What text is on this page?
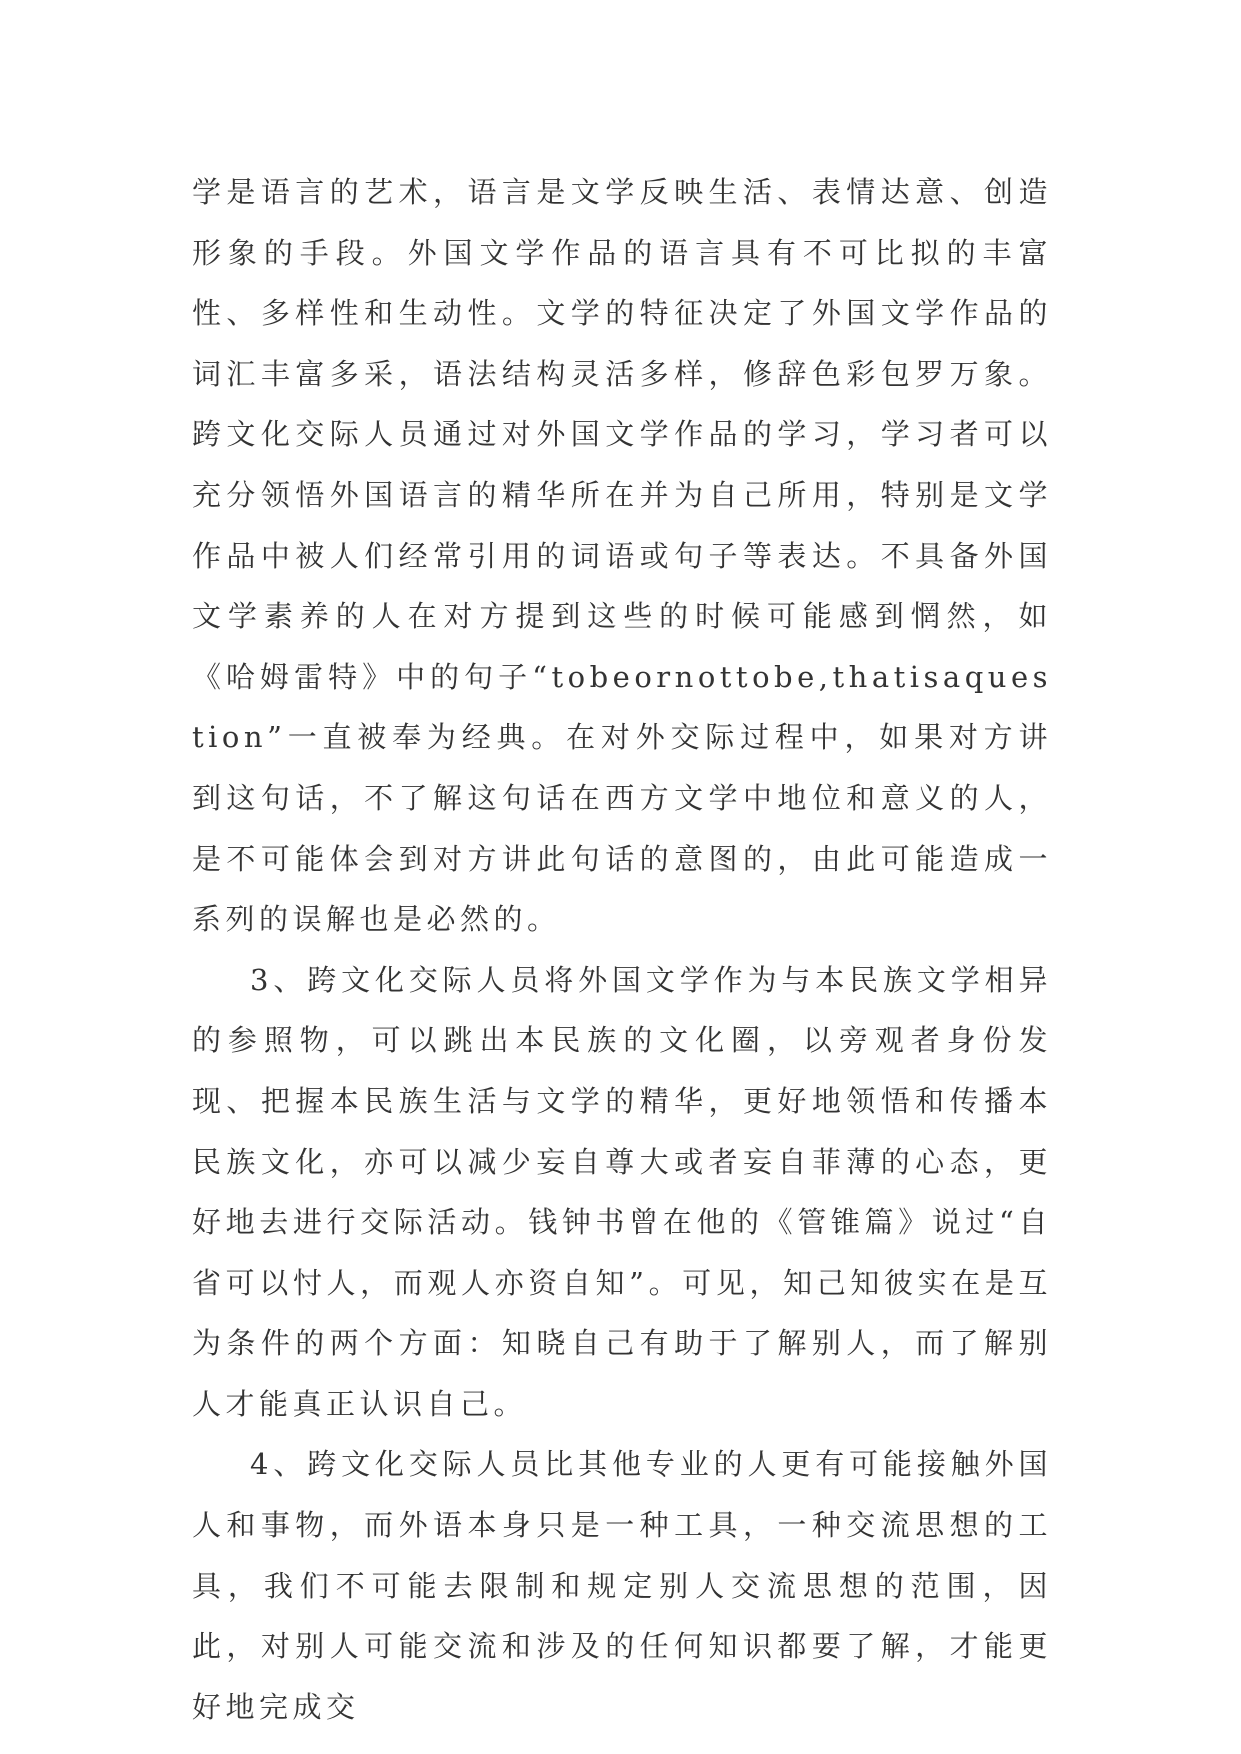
学是语言的艺术，语言是文学反映生活、表情达意、创造形象的手段。外国文学作品的语言具有不可比拟的丰富性、多样性和生动性。文学的特征决定了外国文学作品的词汇丰富多采，语法结构灵活多样，修辞色彩包罗万象。跨文化交际人员通过对外国文学作品的学习，学习者可以充分领悟外国语言的精华所在并为自己所用，特别是文学作品中被人们经常引用的词语或句子等表达。不具备外国文学素养的人在对方提到这些的时候可能感到惘然，如《哈姆雷特》中的句子“tobeornottobe,thatisaquestion”一直被奉为经典。在对外交际过程中，如果对方讲到这句话，不了解这句话在西方文学中地位和意义的人，是不可能体会到对方讲此句话的意图的，由此可能造成一系列的误解也是必然的。

3、跨文化交际人员将外国文学作为与本民族文学相异的参照物，可以跳出本民族的文化圈，以旁观者身份发现、把握本民族生活与文学的精华，更好地领悟和传播本民族文化，亦可以减少妄自尊大或者妄自菲薄的心态，更好地去进行交际活动。钱钟书曾在他的《管锥篇》说过“自省可以忖人，而观人亦资自知”。可见，知己知彼实在是互为条件的两个方面：知晓自己有助于了解别人，而了解别人才能真正认识自己。

4、跨文化交际人员比其他专业的人更有可能接触外国人和事物，而外语本身只是一种工具，一种交流思想的工具，我们不可能去限制和规定别人交流思想的范围，因此，对别人可能交流和涉及的任何知识都要了解，才能更好地完成交
